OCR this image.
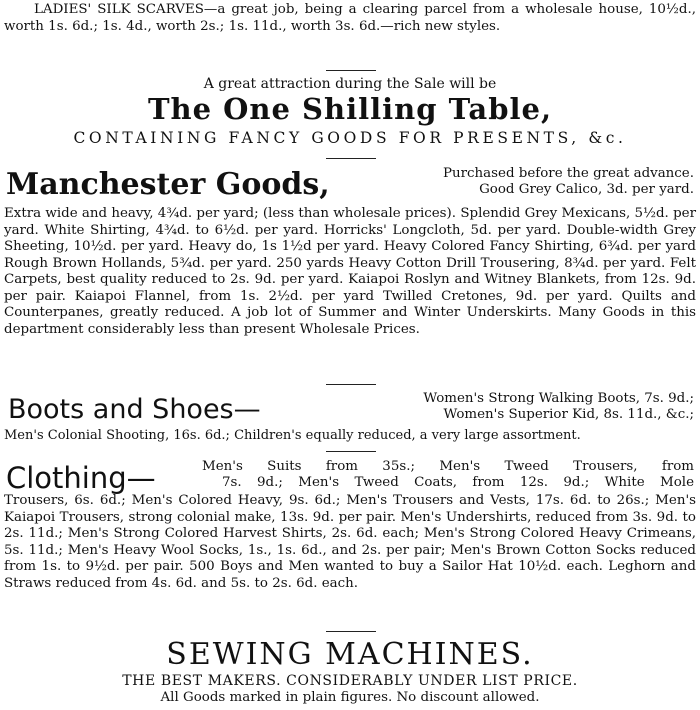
LADIES' SILK SCARVES—a great job, being a clearing parcel from a wholesale house, 10½d., worth 1s. 6d.; 1s. 4d., worth 2s.; 1s. 11d., worth 3s. 6d.—rich new styles.
A great attraction during the Sale will be
The One Shilling Table,
CONTAINING FANCY GOODS FOR PRESENTS, &c.
Manchester Goods,	Purchased before the great advance.
Good Grey Calico, 3d. per yard.
Extra wide and heavy, 4¾d. per yard; (less than wholesale prices). Splendid Grey Mexicans, 5½d. per yard. White Shirting, 4¾d. to 6½d. per yard. Horricks' Longcloth, 5d. per yard. Double-width Grey Sheeting, 10½d. per yard. Heavy do, 1s 1½d per yard. Heavy Colored Fancy Shirting, 6¾d. per yard Rough Brown Hollands, 5¾d. per yard. 250 yards Heavy Cotton Drill Trousering, 8¾d. per yard. Felt Carpets, best quality reduced to 2s. 9d. per yard. Kaiapoi Roslyn and Witney Blankets, from 12s. 9d. per pair. Kaiapoi Flannel, from 1s. 2½d. per yard Twilled Cretones, 9d. per yard. Quilts and Counterpanes, greatly reduced. A job lot of Summer and Winter Underskirts. Many Goods in this department considerably less than present Wholesale Prices.
Boots and Shoes—	Women's Strong Walking Boots, 7s. 9d.;
Women's Superior Kid, 8s. 11d., &c.;
Men's Colonial Shooting, 16s. 6d.; Children's equally reduced, a very large assortment.
Clothing—	Men's Suits from 35s.; Men's Tweed Trousers, from
7s. 9d.; Men's Tweed Coats, from 12s. 9d.; White Mole
Trousers, 6s. 6d.; Men's Colored Heavy, 9s. 6d.; Men's Trousers and Vests, 17s. 6d. to 26s.; Men's Kaiapoi Trousers, strong colonial make, 13s. 9d. per pair. Men's Undershirts, reduced from 3s. 9d. to 2s. 11d.; Men's Strong Colored Harvest Shirts, 2s. 6d. each; Men's Strong Colored Heavy Crimeans, 5s. 11d.; Men's Heavy Wool Socks, 1s., 1s. 6d., and 2s. per pair; Men's Brown Cotton Socks reduced from 1s. to 9½d. per pair. 500 Boys and Men wanted to buy a Sailor Hat 10½d. each. Leghorn and Straws reduced from 4s. 6d. and 5s. to 2s. 6d. each.
SEWING MACHINES.
THE BEST MAKERS. CONSIDERABLY UNDER LIST PRICE.
All Goods marked in plain figures. No discount allowed.
